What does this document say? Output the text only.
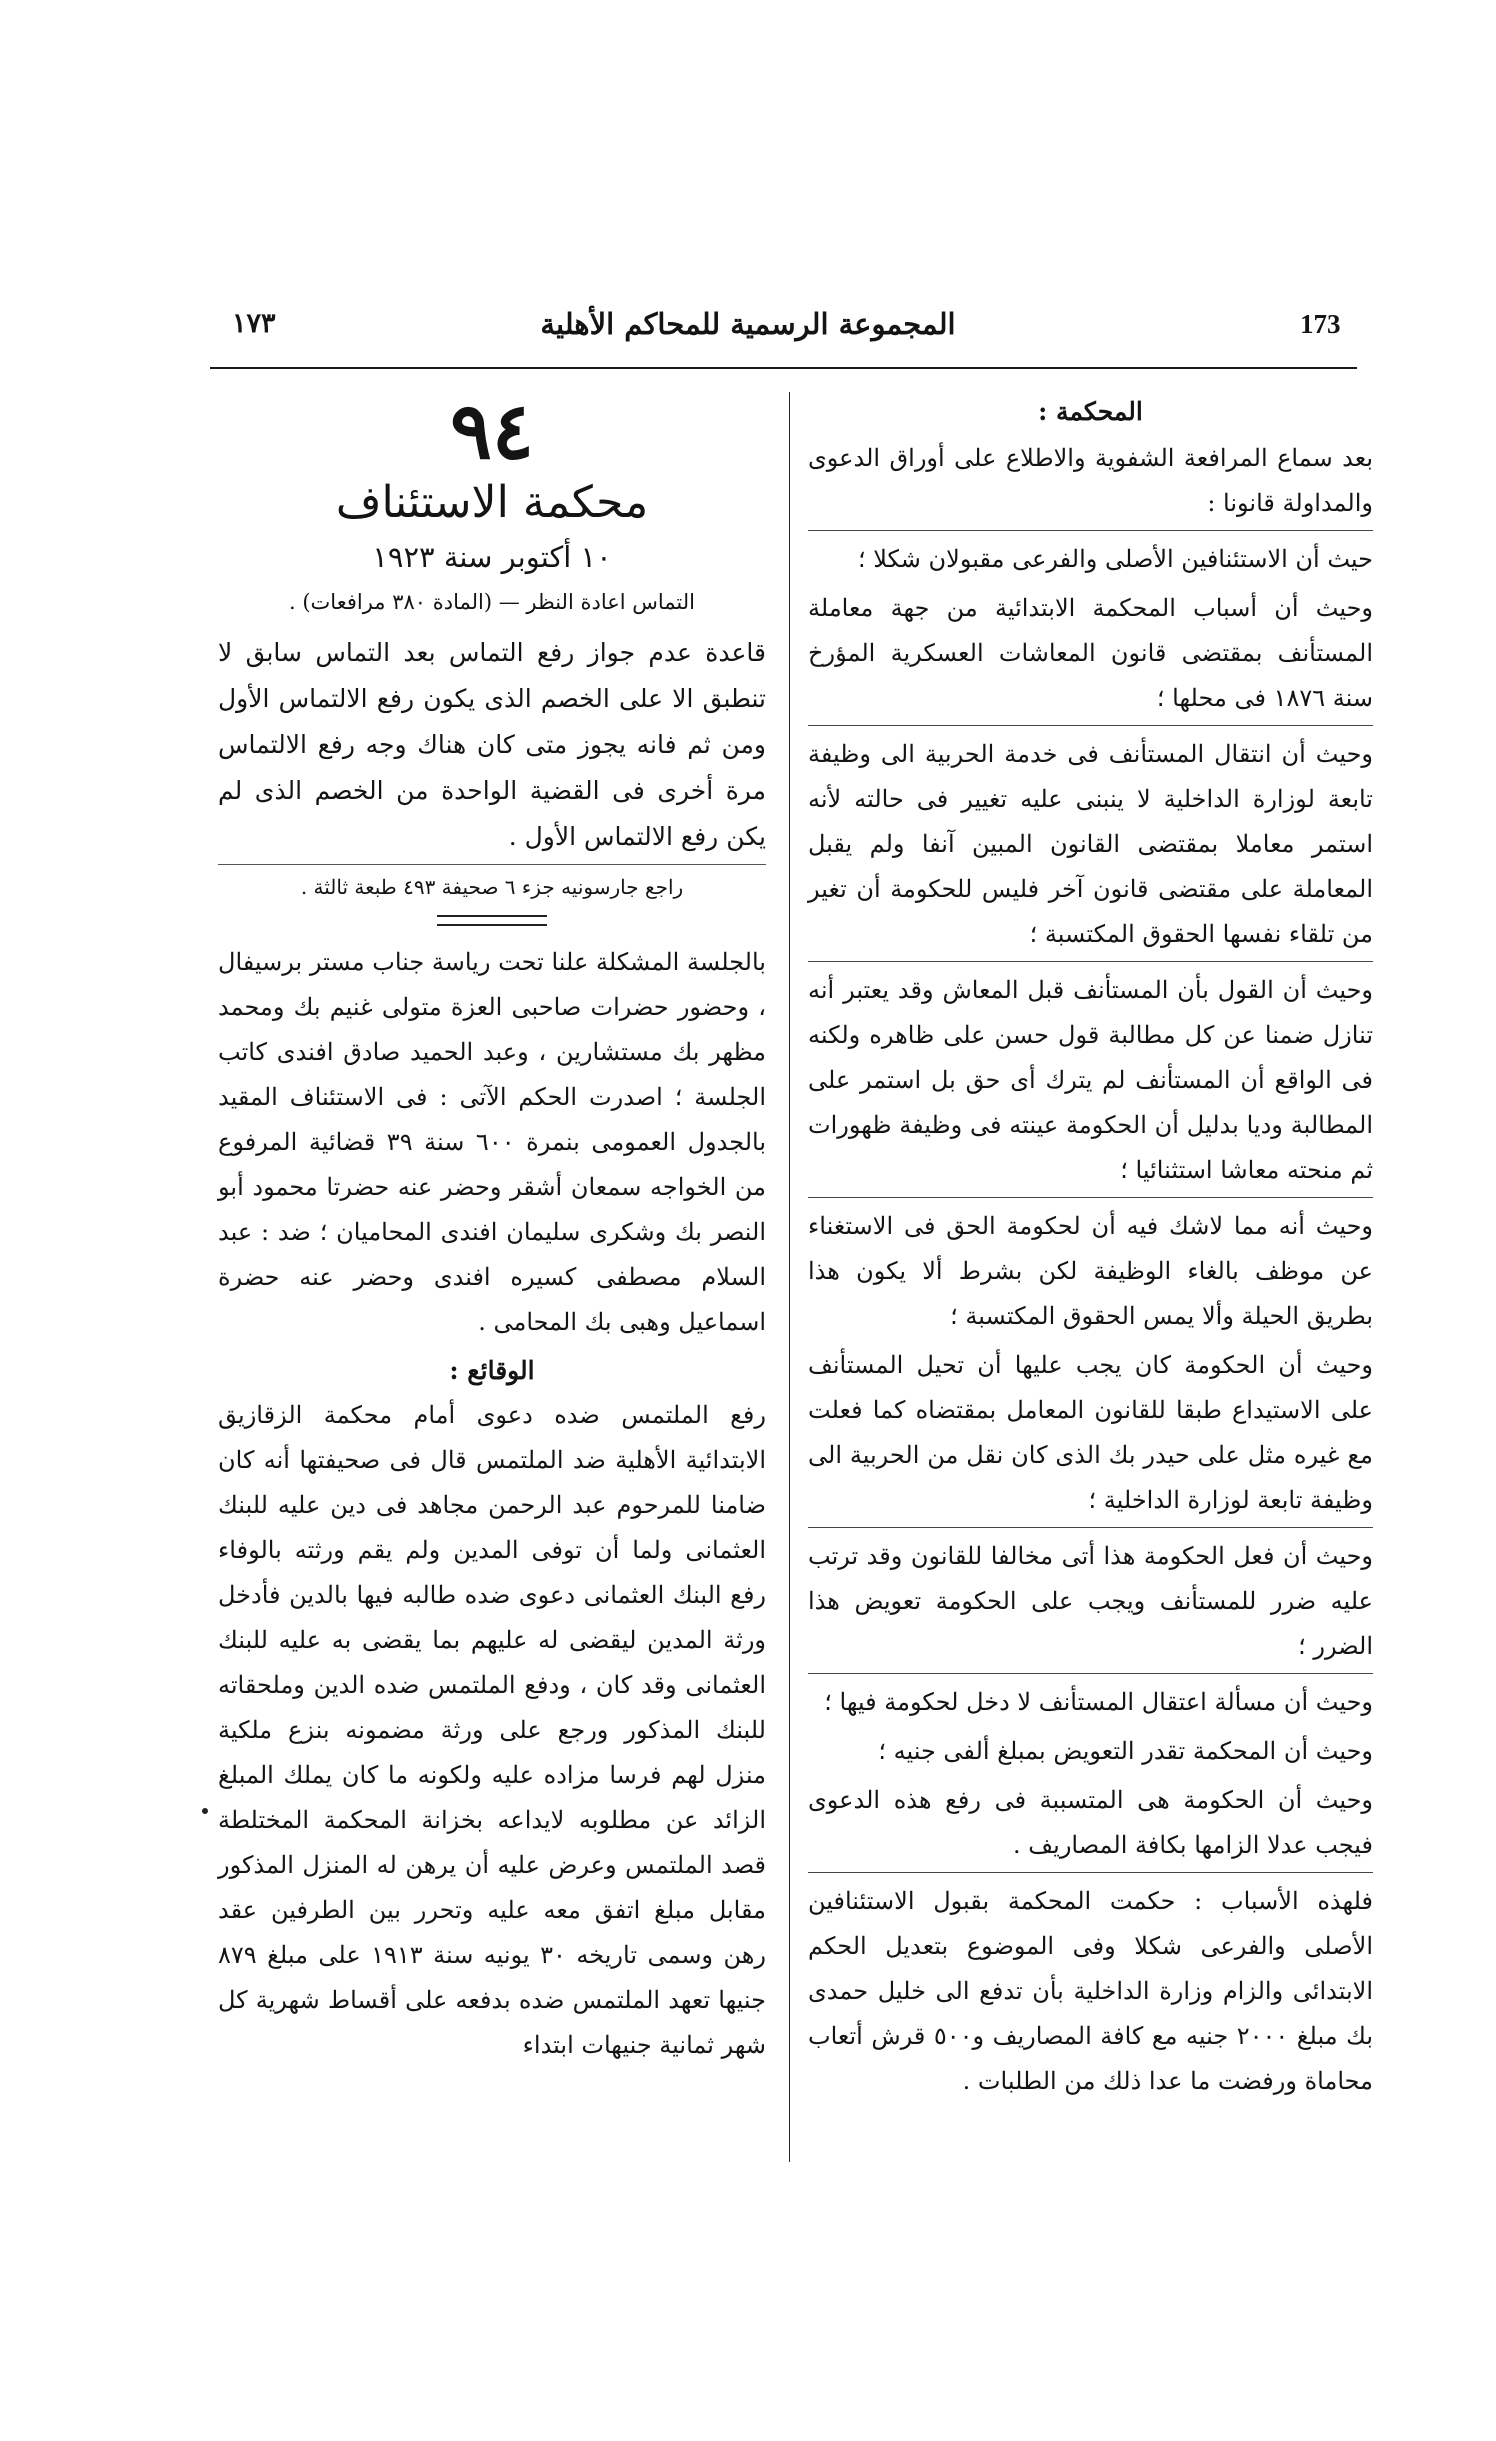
١٧٣	المجموعة الرسمية للمحاكم الأهلية	173
المحكمة :

بعد سماع المرافعة الشفوية والاطلاع على أوراق الدعوى والمداولة قانونا :

حيث أن الاستئنافين الأصلى والفرعى مقبولان شكلا ؛

وحيث أن أسباب المحكمة الابتدائية من جهة معاملة المستأنف بمقتضى قانون المعاشات العسكرية المؤرخ سنة ١٨٧٦ فى محلها ؛

وحيث أن انتقال المستأنف فى خدمة الحربية الى وظيفة تابعة لوزارة الداخلية لا ينبنى عليه تغيير فى حالته لأنه استمر معاملا بمقتضى القانون المبين آنفا ولم يقبل المعاملة على مقتضى قانون آخر فليس للحكومة أن تغير من تلقاء نفسها الحقوق المكتسبة ؛

وحيث أن القول بأن المستأنف قبل المعاش وقد يعتبر أنه تنازل ضمنا عن كل مطالبة قول حسن على ظاهره ولكنه فى الواقع أن المستأنف لم يترك أى حق بل استمر على المطالبة وديا بدليل أن الحكومة عينته فى وظيفة ظهورات ثم منحته معاشا استثنائيا ؛

وحيث أنه مما لاشك فيه أن لحكومة الحق فى الاستغناء عن موظف بالغاء الوظيفة لكن بشرط ألا يكون هذا بطريق الحيلة وألا يمس الحقوق المكتسبة ؛

وحيث أن الحكومة كان يجب عليها أن تحيل المستأنف على الاستيداع طبقا للقانون المعامل بمقتضاه كما فعلت مع غيره مثل على حيدر بك الذى كان نقل من الحربية الى وظيفة تابعة لوزارة الداخلية ؛

وحيث أن فعل الحكومة هذا أتى مخالفا للقانون وقد ترتب عليه ضرر للمستأنف ويجب على الحكومة تعويض هذا الضرر ؛

وحيث أن مسألة اعتقال المستأنف لا دخل لحكومة فيها ؛

وحيث أن المحكمة تقدر التعويض بمبلغ ألفى جنيه ؛

وحيث أن الحكومة هى المتسببة فى رفع هذه الدعوى فيجب عدلا الزامها بكافة المصاريف .

فلهذه الأسباب : حكمت المحكمة بقبول الاستئنافين الأصلى والفرعى شكلا وفى الموضوع بتعديل الحكم الابتدائى والزام وزارة الداخلية بأن تدفع الى خليل حمدى بك مبلغ ٢٠٠٠ جنيه مع كافة المصاريف و٥٠٠ قرش أتعاب محاماة ورفضت ما عدا ذلك من الطلبات .

٩٤
محكمة الاستئناف
١٠ أكتوبر سنة ١٩٢٣
التماس اعادة النظر — (المادة ٣٨٠ مرافعات) .
قاعدة عدم جواز رفع التماس بعد التماس سابق لا تنطبق الا على الخصم الذى يكون رفع الالتماس الأول ومن ثم فانه يجوز متى كان هناك وجه رفع الالتماس مرة أخرى فى القضية الواحدة من الخصم الذى لم يكن رفع الالتماس الأول .
راجع جارسونيه جزء ٦ صحيفة ٤٩٣ طبعة ثالثة .

بالجلسة المشكلة علنا تحت رياسة جناب مستر برسيفال ، وحضور حضرات صاحبى العزة متولى غنيم بك ومحمد مظهر بك مستشارين ، وعبد الحميد صادق افندى كاتب الجلسة ؛ اصدرت الحكم الآتى : فى الاستئناف المقيد بالجدول العمومى بنمرة ٦٠٠ سنة ٣٩ قضائية المرفوع من الخواجه سمعان أشقر وحضر عنه حضرتا محمود أبو النصر بك وشكرى سليمان افندى المحاميان ؛ ضد : عبد السلام مصطفى كسيره افندى وحضر عنه حضرة اسماعيل وهبى بك المحامى .

الوقائع :

رفع الملتمس ضده دعوى أمام محكمة الزقازيق الابتدائية الأهلية ضد الملتمس قال فى صحيفتها أنه كان ضامنا للمرحوم عبد الرحمن مجاهد فى دين عليه للبنك العثمانى ولما أن توفى المدين ولم يقم ورثته بالوفاء رفع البنك العثمانى دعوى ضده طالبه فيها بالدين فأدخل ورثة المدين ليقضى له عليهم بما يقضى به عليه للبنك العثمانى وقد كان ، ودفع الملتمس ضده الدين وملحقاته للبنك المذكور ورجع على ورثة مضمونه بنزع ملكية منزل لهم فرسا مزاده عليه ولكونه ما كان يملك المبلغ الزائد عن مطلوبه لايداعه بخزانة المحكمة المختلطة قصد الملتمس وعرض عليه أن يرهن له المنزل المذكور مقابل مبلغ اتفق معه عليه وتحرر بين الطرفين عقد رهن وسمى تاريخه ٣٠ يونيه سنة ١٩١٣ على مبلغ ٨٧٩ جنيها تعهد الملتمس ضده بدفعه على أقساط شهرية كل شهر ثمانية جنيهات ابتداء
